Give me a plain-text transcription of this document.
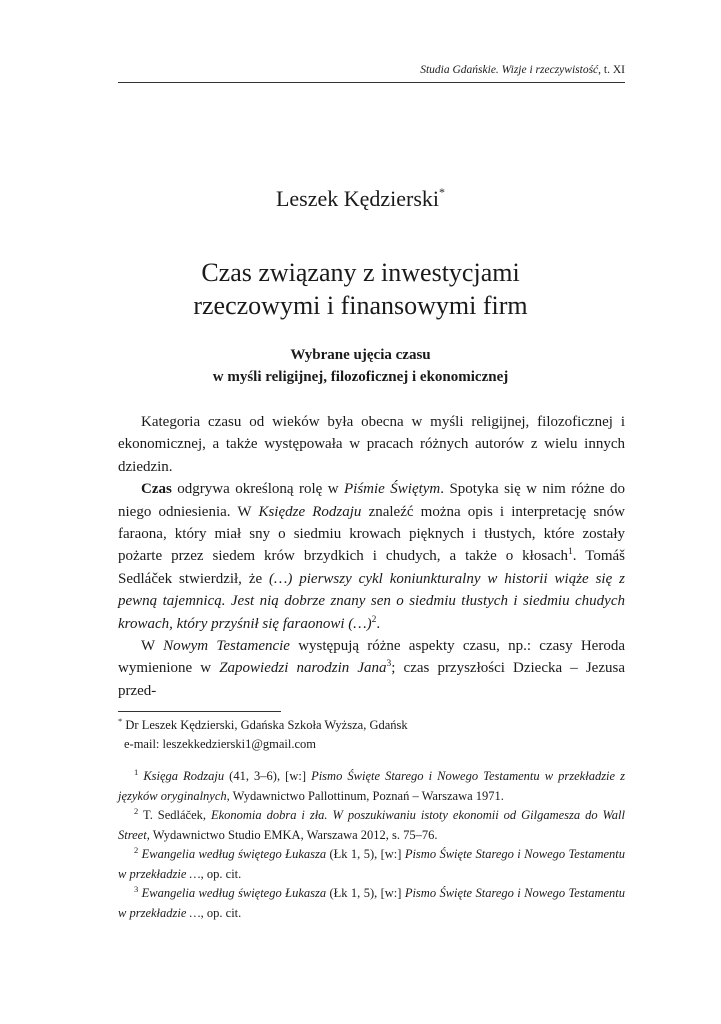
Studia Gdańskie. Wizje i rzeczywistość, t. XI
Leszek Kędzierski*
Czas związany z inwestycjami
rzeczowymi i finansowymi firm
Wybrane ujęcia czasu
w myśli religijnej, filozoficznej i ekonomicznej

Kategoria czasu od wieków była obecna w myśli religijnej, filozoficznej i ekonomicznej, a także występowała w pracach różnych autorów z wielu innych dziedzin.

Czas odgrywa określoną rolę w Piśmie Świętym. Spotyka się w nim różne do niego odniesienia. W Księdze Rodzaju znaleźć można opis i interpretację snów faraona, który miał sny o siedmiu krowach pięknych i tłustych, które zostały pożarte przez siedem krów brzydkich i chudych, a także o kłosach$^1$. Tomáš Sedláček stwierdził, że (…) pierwszy cykl koniunkturalny w historii wiąże się z pewną tajemnicą. Jest nią dobrze znany sen o siedmiu tłustych i siedmiu chudych krowach, który przyśnił się faraonowi (…)$^2$.

W Nowym Testamencie występują różne aspekty czasu, np.: czasy Heroda wymienione w Zapowiedzi narodzin Jana$^3$; czas przyszłości Dziecka – Jezusa przed-

* Dr Leszek Kędzierski, Gdańska Szkoła Wyższa, Gdańsk
e-mail: leszekkedzierski1@gmail.com

$^1$ Księga Rodzaju (41, 3–6), [w:] Pismo Święte Starego i Nowego Testamentu w przekładzie z języków oryginalnych, Wydawnictwo Pallottinum, Poznań – Warszawa 1971.

$^2$ T. Sedláček, Ekonomia dobra i zła. W poszukiwaniu istoty ekonomii od Gilgamesza do Wall Street, Wydawnictwo Studio EMKA, Warszawa 2012, s. 75–76.

$^2$ Ewangelia według świętego Łukasza (Łk 1, 5), [w:] Pismo Święte Starego i Nowego Testamentu w przekładzie …, op. cit.

$^3$ Ewangelia według świętego Łukasza (Łk 1, 5), [w:] Pismo Święte Starego i Nowego Testamentu w przekładzie …, op. cit.
